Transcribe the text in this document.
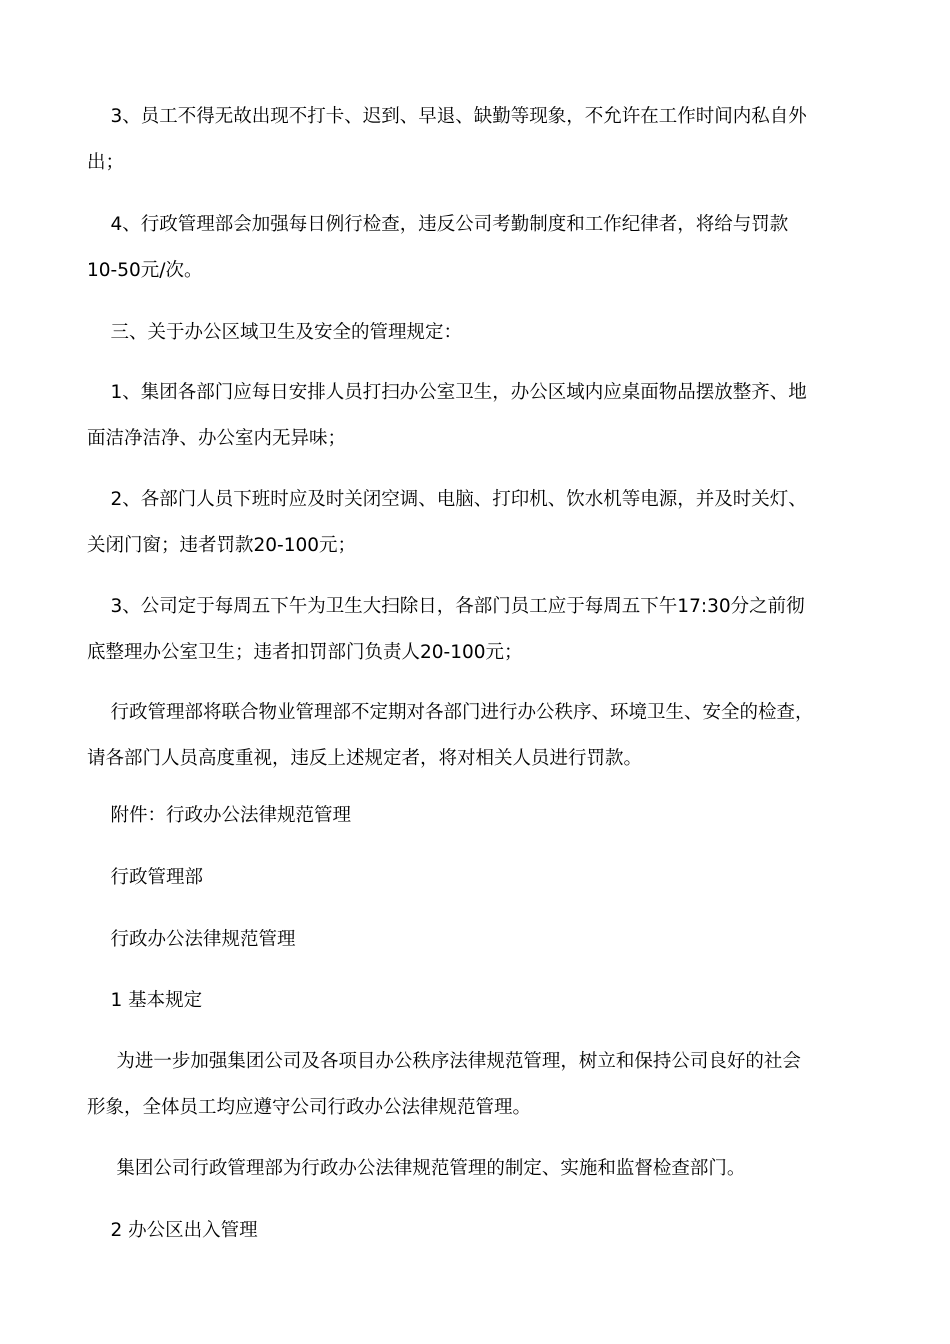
3、员工不得无故出现不打卡、迟到、早退、缺勤等现象，不允许在工作时间内私自外
出；
4、行政管理部会加强每日例行检查，违反公司考勤制度和工作纪律者，将给与罚款
10-50元/次。
三、关于办公区域卫生及安全的管理规定：
1、集团各部门应每日安排人员打扫办公室卫生，办公区域内应桌面物品摆放整齐、地
面洁净洁净、办公室内无异味；
2、各部门人员下班时应及时关闭空调、电脑、打印机、饮水机等电源，并及时关灯、
关闭门窗；违者罚款20-100元；
3、公司定于每周五下午为卫生大扫除日，各部门员工应于每周五下午17:30分之前彻
底整理办公室卫生；违者扣罚部门负责人20-100元；
行政管理部将联合物业管理部不定期对各部门进行办公秩序、环境卫生、安全的检查，
请各部门人员高度重视，违反上述规定者，将对相关人员进行罚款。
附件：行政办公法律规范管理
行政管理部
行政办公法律规范管理
1 基本规定
为进一步加强集团公司及各项目办公秩序法律规范管理，树立和保持公司良好的社会
形象，全体员工均应遵守公司行政办公法律规范管理。
集团公司行政管理部为行政办公法律规范管理的制定、实施和监督检查部门。
2 办公区出入管理
